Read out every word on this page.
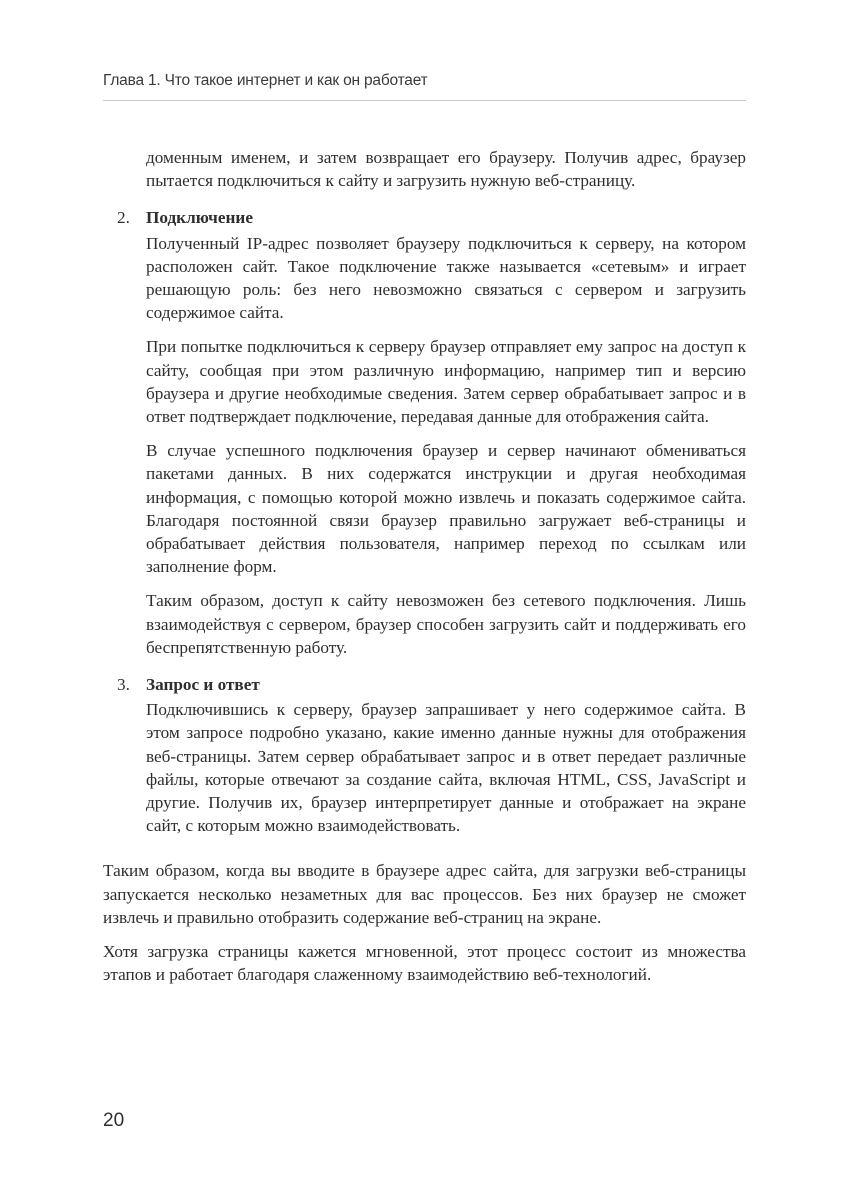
Глава 1. Что такое интернет и как он работает

доменным именем, и затем возвращает его браузеру. Получив адрес, браузер пытается подключиться к сайту и загрузить нужную веб-страницу.

2. Подключение

Полученный IP-адрес позволяет браузеру подключиться к серверу, на котором расположен сайт. Такое подключение также называется «сетевым» и играет решающую роль: без него невозможно связаться с сервером и загрузить содержимое сайта.

При попытке подключиться к серверу браузер отправляет ему запрос на доступ к сайту, сообщая при этом различную информацию, например тип и версию браузера и другие необходимые сведения. Затем сервер обрабатывает запрос и в ответ подтверждает подключение, передавая данные для отображения сайта.

В случае успешного подключения браузер и сервер начинают обмениваться пакетами данных. В них содержатся инструкции и другая необходимая информация, с помощью которой можно извлечь и показать содержимое сайта. Благодаря постоянной связи браузер правильно загружает веб-страницы и обрабатывает действия пользователя, например переход по ссылкам или заполнение форм.

Таким образом, доступ к сайту невозможен без сетевого подключения. Лишь взаимодействуя с сервером, браузер способен загрузить сайт и поддерживать его беспрепятственную работу.

3. Запрос и ответ

Подключившись к серверу, браузер запрашивает у него содержимое сайта. В этом запросе подробно указано, какие именно данные нужны для отображения веб-страницы. Затем сервер обрабатывает запрос и в ответ передает различные файлы, которые отвечают за создание сайта, включая HTML, CSS, JavaScript и другие. Получив их, браузер интерпретирует данные и отображает на экране сайт, с которым можно взаимодействовать.

Таким образом, когда вы вводите в браузере адрес сайта, для загрузки веб-страницы запускается несколько незаметных для вас процессов. Без них браузер не сможет извлечь и правильно отобразить содержание веб-страниц на экране.

Хотя загрузка страницы кажется мгновенной, этот процесс состоит из множества этапов и работает благодаря слаженному взаимодействию веб-технологий.

20
